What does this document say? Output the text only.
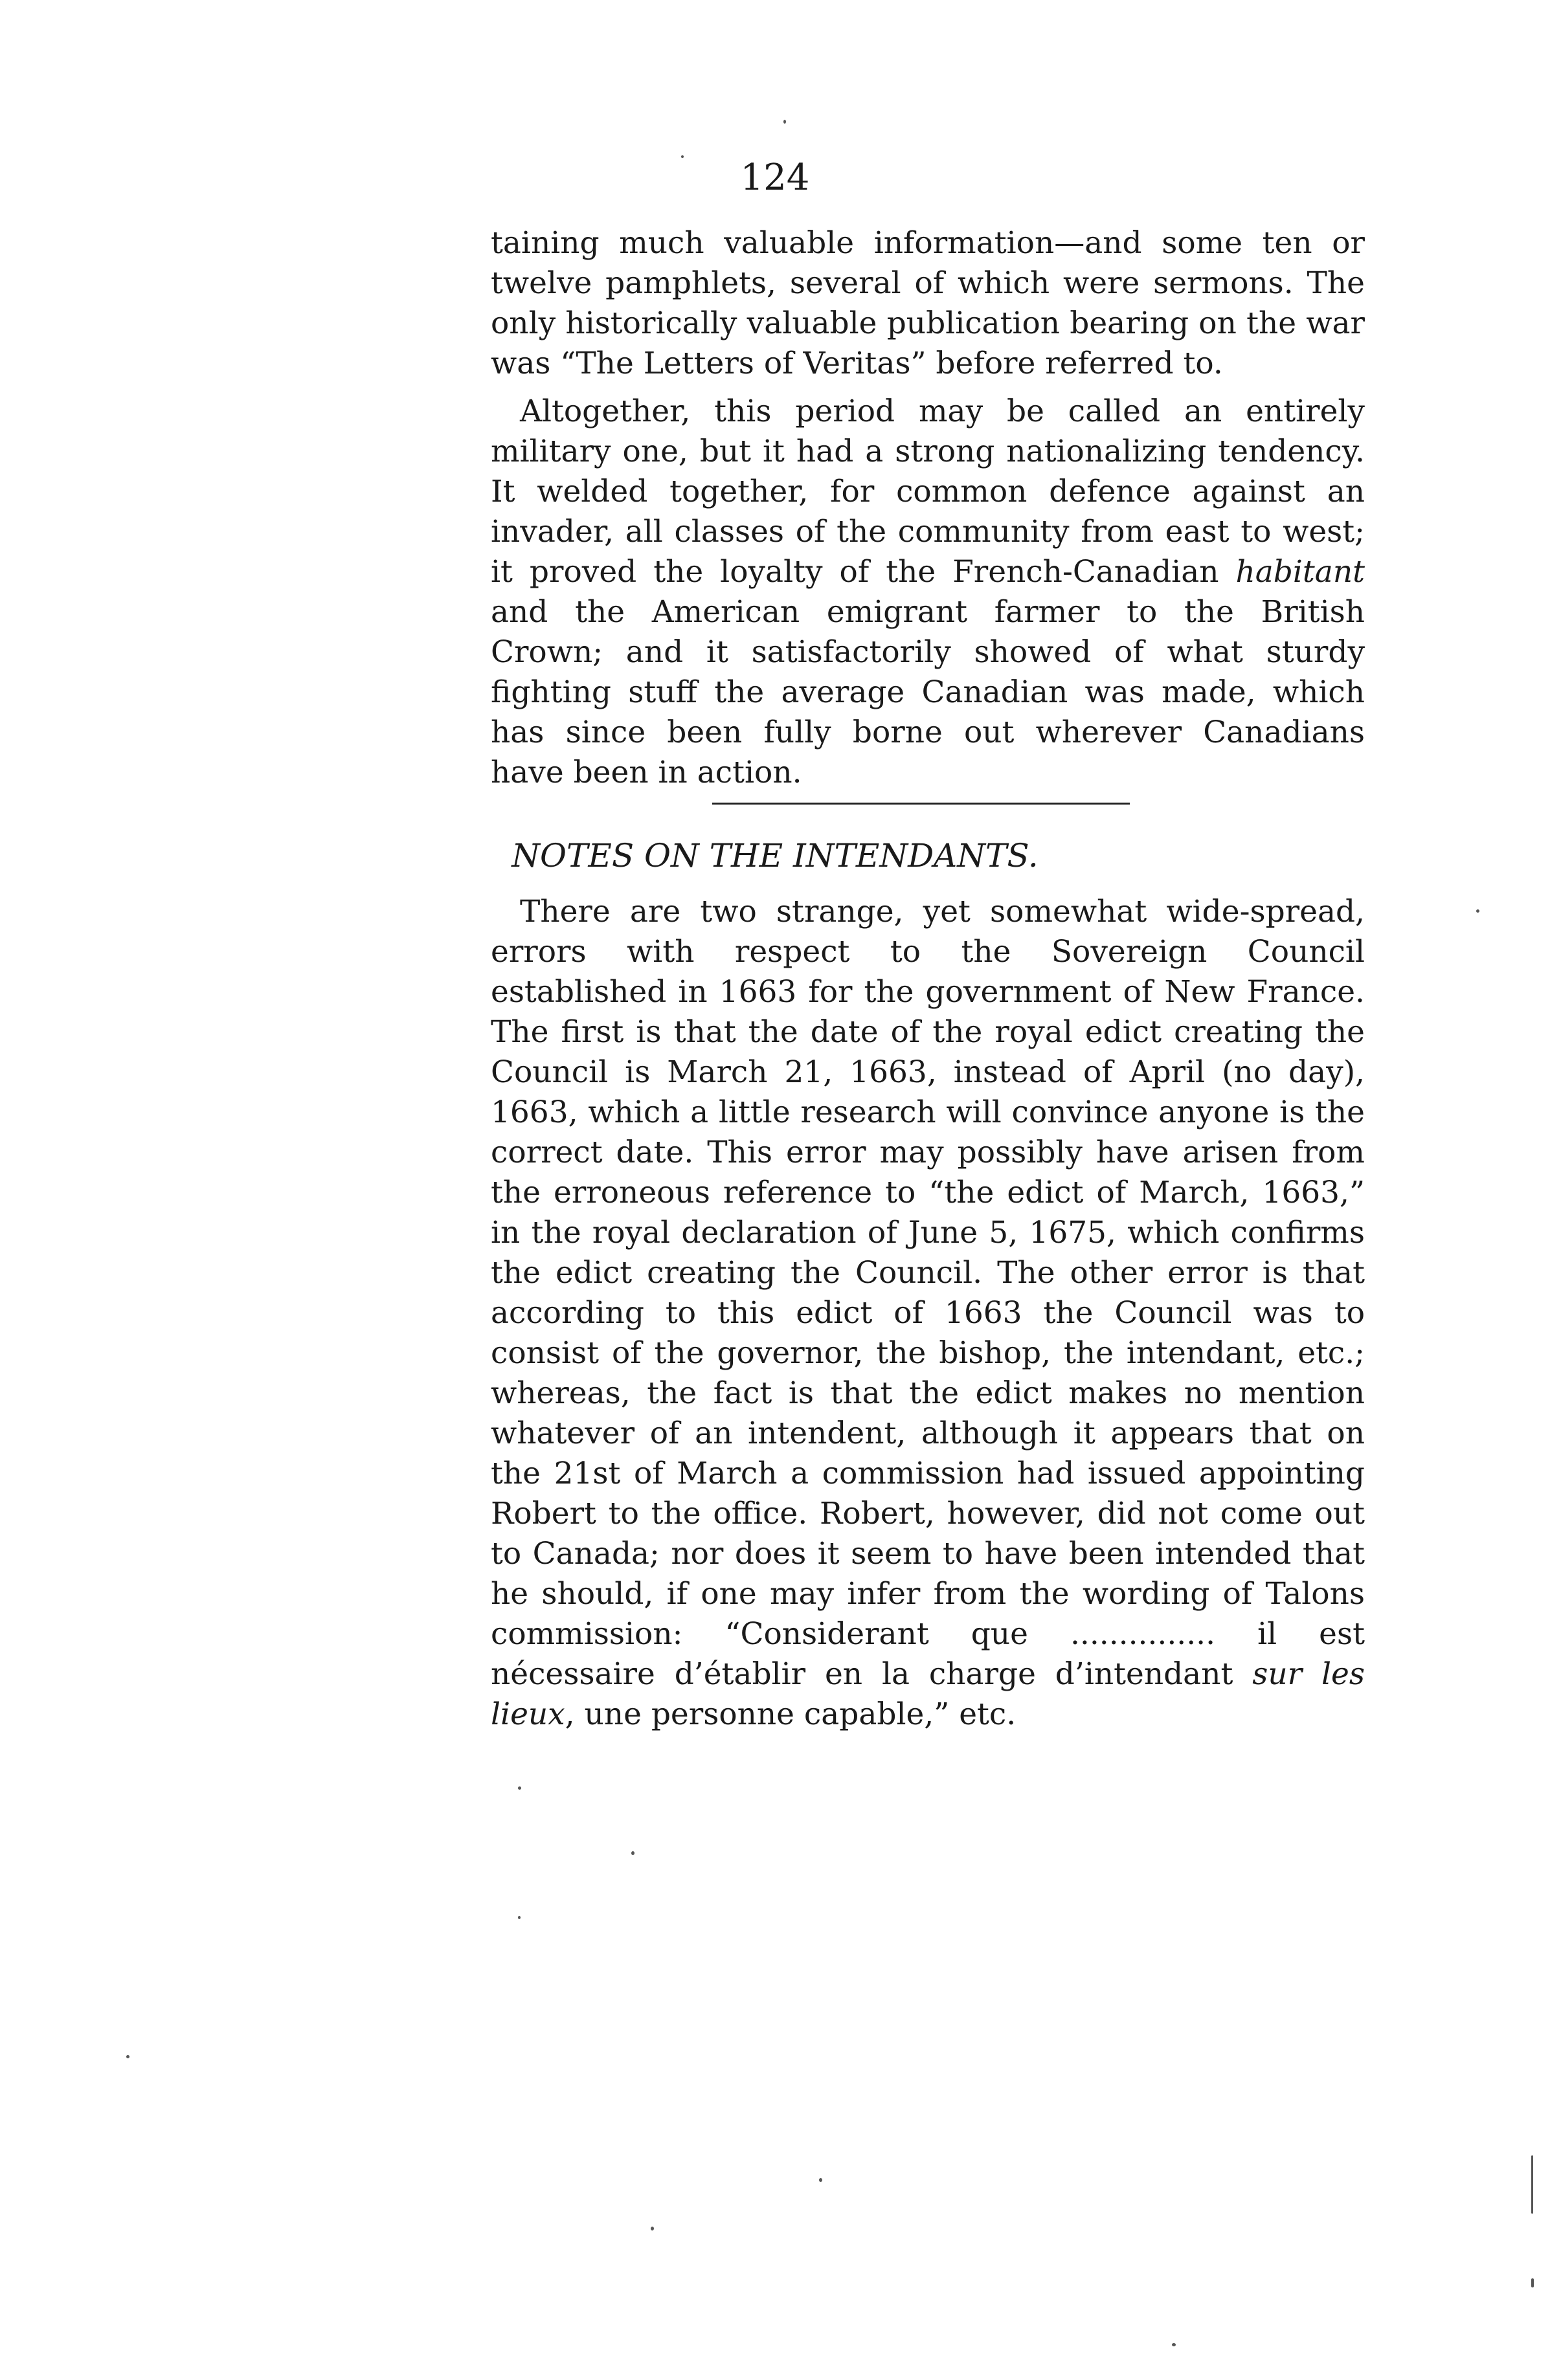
124

taining much valuable information—and some ten or twelve pamphlets, several of which were sermons. The only historically valuable publication bearing on the war was “The Letters of Veritas” before referred to.

Altogether, this period may be called an entirely military one, but it had a strong nationalizing tendency. It welded together, for common defence against an invader, all classes of the community from east to west; it proved the loyalty of the French-Canadian habitant and the American emigrant farmer to the British Crown; and it satisfactorily showed of what sturdy fighting stuff the average Canadian was made, which has since been fully borne out wherever Canadians have been in action.

NOTES ON THE INTENDANTS.

There are two strange, yet somewhat wide-spread, errors with respect to the Sovereign Council established in 1663 for the government of New France. The first is that the date of the royal edict creating the Council is March 21, 1663, instead of April (no day), 1663, which a little research will convince anyone is the correct date. This error may possibly have arisen from the erroneous reference to “the edict of March, 1663,” in the royal declaration of June 5, 1675, which confirms the edict creating the Council. The other error is that according to this edict of 1663 the Council was to consist of the governor, the bishop, the intendant, etc.; whereas, the fact is that the edict makes no mention whatever of an intendent, although it appears that on the 21st of March a commission had issued appointing Robert to the office. Robert, however, did not come out to Canada; nor does it seem to have been intended that he should, if one may infer from the wording of Talons commission: “Considerant que ............... il est nécessaire d’établir en la charge d’intendant sur les lieux, une personne capable,” etc.
